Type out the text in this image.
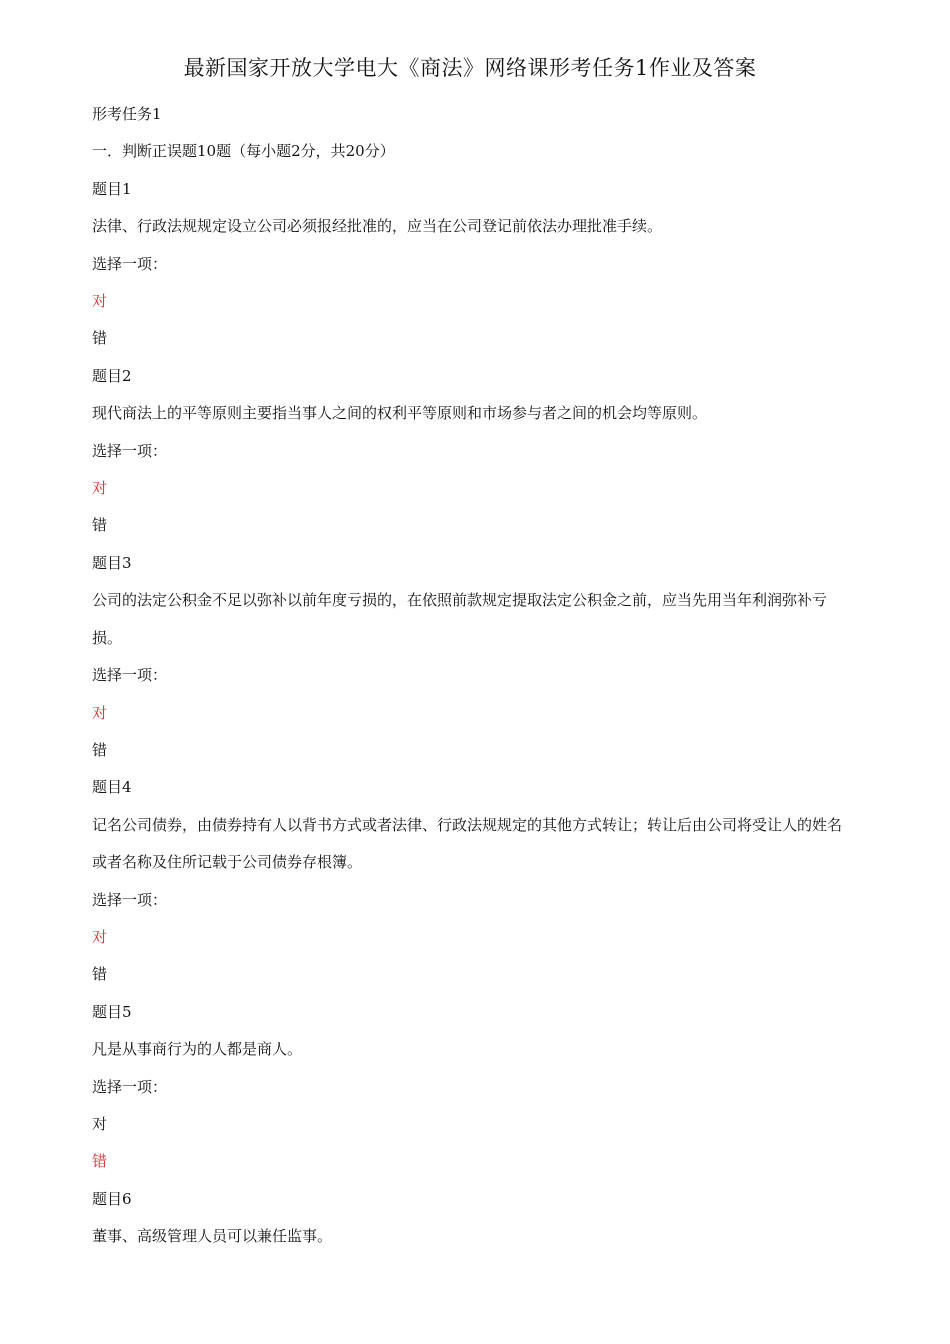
最新国家开放大学电大《商法》网络课形考任务1作业及答案
形考任务1
一．判断正误题10题（每小题2分，共20分）
题目1
法律、行政法规规定设立公司必须报经批准的，应当在公司登记前依法办理批准手续。
选择一项：
对
错
题目2
现代商法上的平等原则主要指当事人之间的权利平等原则和市场参与者之间的机会均等原则。
选择一项：
对
错
题目3
公司的法定公积金不足以弥补以前年度亏损的，在依照前款规定提取法定公积金之前，应当先用当年利润弥补亏损。
选择一项：
对
错
题目4
记名公司债券，由债券持有人以背书方式或者法律、行政法规规定的其他方式转让；转让后由公司将受让人的姓名或者名称及住所记载于公司债券存根簿。
选择一项：
对
错
题目5
凡是从事商行为的人都是商人。
选择一项：
对
错
题目6
董事、高级管理人员可以兼任监事。
